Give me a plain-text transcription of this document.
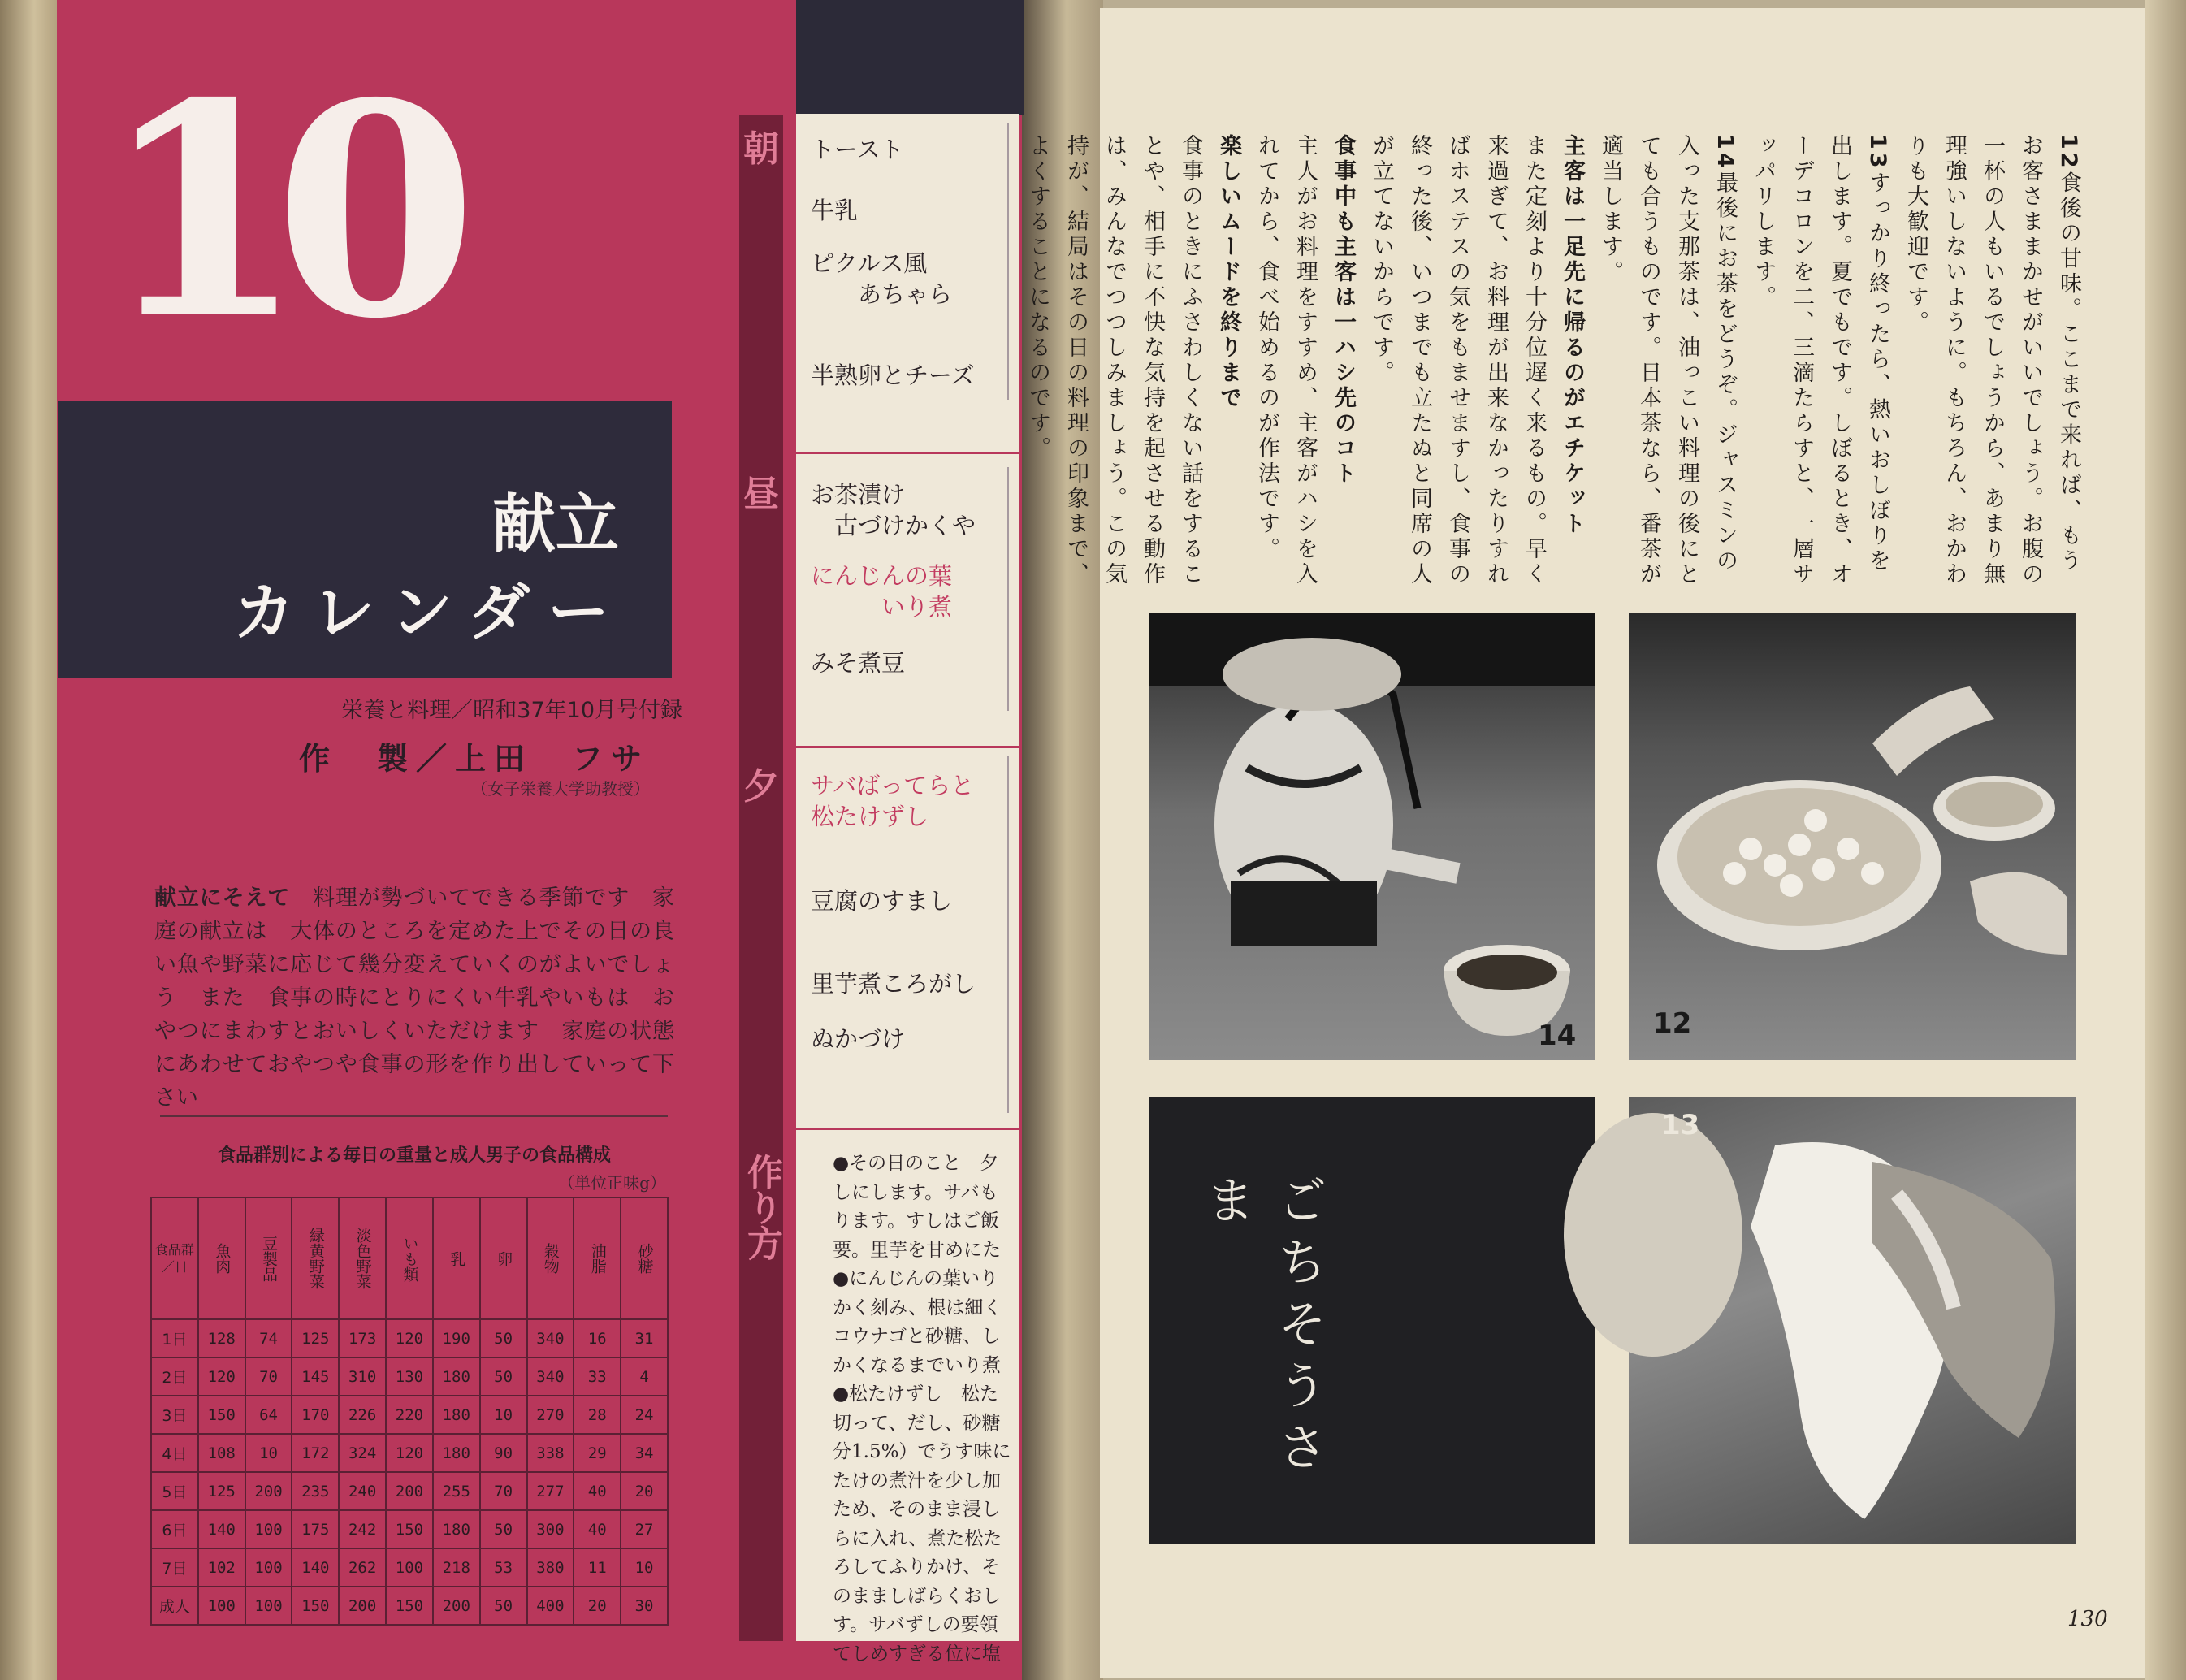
10
献立
カレンダー
栄養と料理／昭和37年10月号付録
作　製／上田　フサ
（女子栄養大学助教授）
献立にそえて　料理が勢づいてできる季節です　家庭の献立は　大体のところを定めた上でその日の良い魚や野菜に応じて幾分変えていくのがよいでしょう　また　食事の時にとりにくい牛乳やいもは　おやつにまわすとおいしくいただけます　家庭の状態にあわせておやつや食事の形を作り出していって下さい
食品群別による毎日の重量と成人男子の食品構成
（単位正味g）
食品群／日	魚肉	豆製品	緑黄野菜	淡色野菜	いも類	乳	卵	穀物	油脂	砂糖
1日	128	74	125	173	120	190	50	340	16	31
2日	120	70	145	310	130	180	50	340	33	4
3日	150	64	170	226	220	180	10	270	28	24
4日	108	10	172	324	120	180	90	338	29	34
5日	125	200	235	240	200	255	70	277	40	20
6日	140	100	175	242	150	180	50	300	40	27
7日	102	100	140	262	100	218	53	380	11	10
成人	100	100	150	200	150	200	50	400	20	30
朝
昼
夕
作り方
トースト
牛乳
ピクルス風
　　あちゃら
半熟卵とチーズ
お茶漬け
　古づけかくや
にんじんの葉
　　　いり煮
みそ煮豆
サバばってらと
松たけずし
豆腐のすまし
里芋煮ころがし
ぬかづけ
●その日のこと　夕
しにします。サバも
ります。すしはご飯
要。里芋を甘めにた
●にんじんの葉いり
かく刻み、根は細く
コウナゴと砂糖、し
かくなるまでいり煮
●松たけずし　松た
切って、だし、砂糖
分1.5%）でうす味に
たけの煮汁を少し加
ため、そのまま浸し
らに入れ、煮た松た
ろしてふりかけ、そ
のまましばらくおし
す。サバずしの要領
てしめすぎる位に塩
12食後の甘味。ここまで来れば、もうお客さままかせがいいでしょう。お腹の一杯の人もいるでしょうから、あまり無理強いしないように。もちろん、おかわりも大歓迎です。
13すっかり終ったら、熱いおしぼりを出します。夏でもです。しぼるとき、オーデコロンを二、三滴たらすと、一層サッパリします。
14最後にお茶をどうぞ。ジャスミンの入った支那茶は、油っこい料理の後にとても合うものです。日本茶なら、番茶が適当します。
主客は一足先に帰るのがエチケット
また定刻より十分位遅く来るもの。早く来過ぎて、お料理が出来なかったりすればホステスの気をもませますし、食事の終った後、いつまでも立たぬと同席の人が立てないからです。
食事中も主客は一ハシ先のコト
主人がお料理をすすめ、主客がハシを入れてから、食べ始めるのが作法です。
楽しいムードを終りまで
食事のときにふさわしくない話をすることや、相手に不快な気持を起させる動作は、みんなでつつしみましょう。この気持が、結局はその日の料理の印象まで、よくすることになるのです。
14	12
ごちそうさま
13
130
